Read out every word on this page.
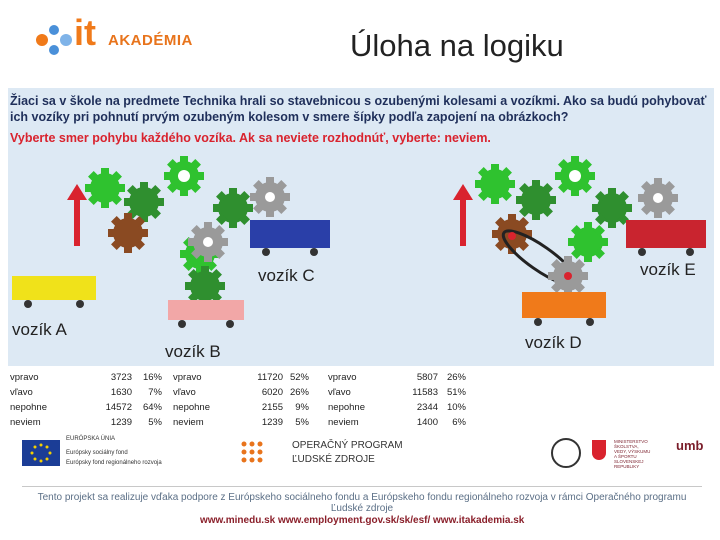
it AKADÉMIA	Úloha na logiku
Žiaci sa v škole na predmete Technika hrali so stavebnicou s ozubenými kolesami a vozíkmi. Ako sa budú pohybovať ich vozíky pri pohnutí prvým ozubeným kolesom v smere šípky podľa zapojení na obrázkoch?
Vyberte smer pohybu každého vozíka. Ak sa neviete rozhodnúť, vyberte: neviem.
vozík A
vozík B
vozík C
vozík D
vozík E
vpravo	3723	16%
vľavo	1630	7%
nepohne	14572	64%
neviem	1239	5%
vpravo	11720 52%
vľavo	6020 26%
nepohne	2155	9%
neviem	1239	5%
vpravo	5807 26%
vľavo	11583 51%
nepohne	2344 10%
neviem	1400	6%
EURÓPSKA ÚNIA
Európsky sociálny fond
Európsky fond regionálneho rozvoja
OPERAČNÝ PROGRAM
ĽUDSKÉ ZDROJE
MINISTERSTVO ŠKOLSTVA, VEDY, VÝSKUMU A ŠPORTU SLOVENSKEJ REPUBLIKY
umb
Tento projekt sa realizuje vďaka podpore z Európskeho sociálneho fondu a Európskeho fondu regionálneho rozvoja v rámci Operačného programu Ľudské zdroje
www.minedu.sk www.employment.gov.sk/sk/esf/ www.itakademia.sk
